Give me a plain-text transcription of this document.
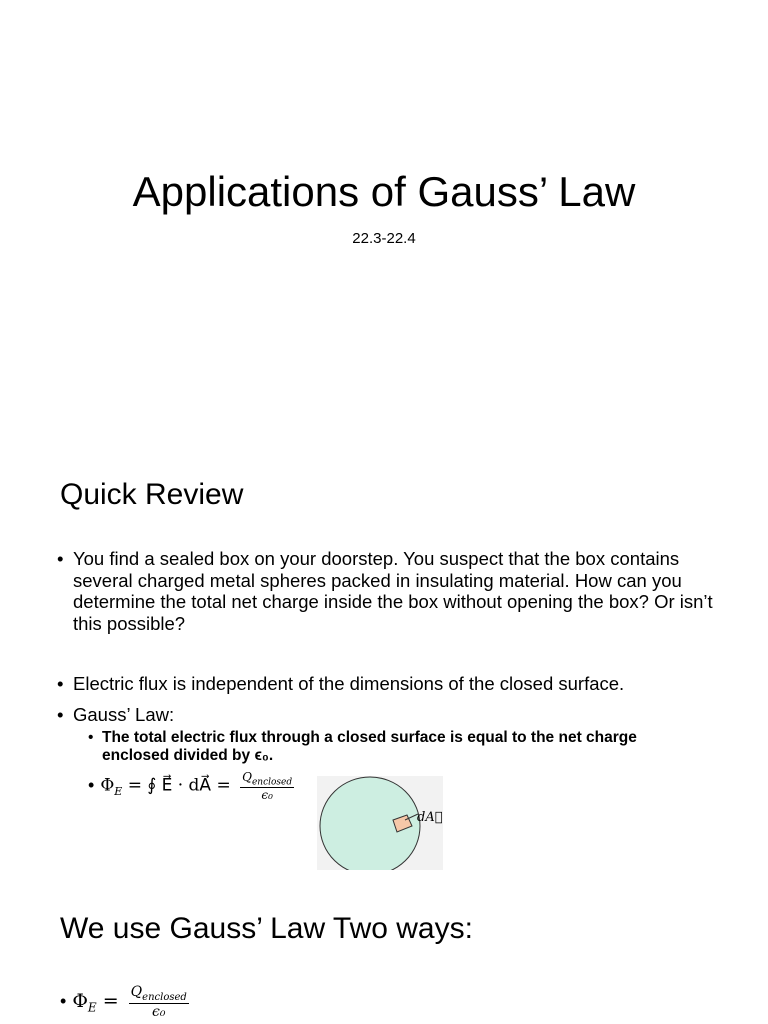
Applications of Gauss’ Law

22.3-22.4

Quick Review
• You find a sealed box on your doorstep. You suspect that the box contains several charged metal spheres packed in insulating material. How can you determine the total net charge inside the box without opening the box? Or isn’t this possible?
• Electric flux is independent of the dimensions of the closed surface.
• Gauss’ Law:
• The total electric flux through a closed surface is equal to the net charge enclosed divided by ϵ₀.
• $\Phi_E$ = ∮ E⃗ · dA⃗ = $\frac{Q_{enclosed}}{\text{ϵ₀}}$
dA⃗
We use Gauss’ Law Two ways:
• $\Phi_E = \frac{Q_{enclosed}}{\text{ϵ₀}}$
